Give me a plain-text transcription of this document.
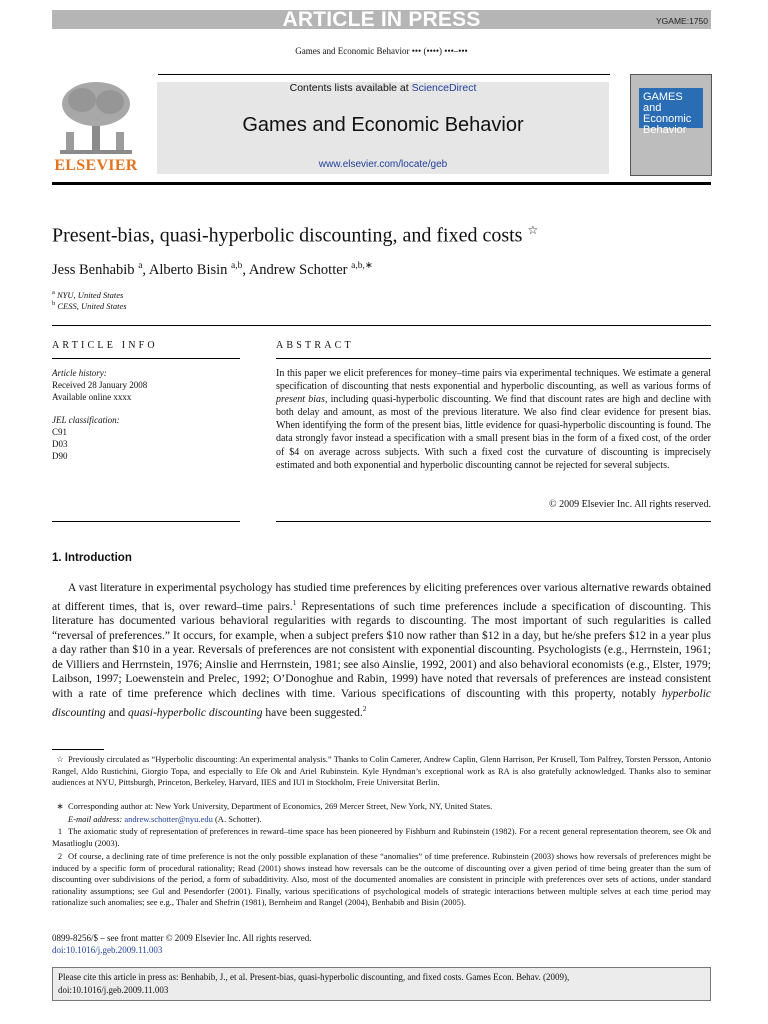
ARTICLE IN PRESS	YGAME:1750
Games and Economic Behavior ••• (••••) •••–•••
ELSEVIER
Contents lists available at ScienceDirect
Games and Economic Behavior
www.elsevier.com/locate/geb
GAMES and Economic Behavior
Present-bias, quasi-hyperbolic discounting, and fixed costs ☆
Jess Benhabib $^a$, Alberto Bisin $^{a,b}$, Andrew Schotter $^{a,b,∗}$
$^a$ NYU, United States
$^b$ CESS, United States
ARTICLE INFO	ABSTRACT
Article history:
Received 28 January 2008
Available online xxxx
JEL classification:
C91
D03
D90
In this paper we elicit preferences for money–time pairs via experimental techniques. We estimate a general specification of discounting that nests exponential and hyperbolic discounting, as well as various forms of present bias, including quasi-hyperbolic discounting. We find that discount rates are high and decline with both delay and amount, as most of the previous literature. We also find clear evidence for present bias. When identifying the form of the present bias, little evidence for quasi-hyperbolic discounting is found. The data strongly favor instead a specification with a small present bias in the form of a fixed cost, of the order of $4 on average across subjects. With such a fixed cost the curvature of discounting is imprecisely estimated and both exponential and hyperbolic discounting cannot be rejected for several subjects.
© 2009 Elsevier Inc. All rights reserved.
1. Introduction
A vast literature in experimental psychology has studied time preferences by eliciting preferences over various alternative rewards obtained at different times, that is, over reward–time pairs.$^1$ Representations of such time preferences include a specification of discounting. This literature has documented various behavioral regularities with regards to discounting. The most important of such regularities is called “reversal of preferences.” It occurs, for example, when a subject prefers $10 now rather than $12 in a day, but he/she prefers $12 in a year plus a day rather than $10 in a year. Reversals of preferences are not consistent with exponential discounting. Psychologists (e.g., Herrnstein, 1961; de Villiers and Herrnstein, 1976; Ainslie and Herrnstein, 1981; see also Ainslie, 1992, 2001) and also behavioral economists (e.g., Elster, 1979; Laibson, 1997; Loewenstein and Prelec, 1992; O’Donoghue and Rabin, 1999) have noted that reversals of preferences are instead consistent with a rate of time preference which declines with time. Various specifications of discounting with this property, notably hyperbolic discounting and quasi-hyperbolic discounting have been suggested.$^2$
☆ Previously circulated as “Hyperbolic discounting: An experimental analysis.” Thanks to Colin Camerer, Andrew Caplin, Glenn Harrison, Per Krusell, Tom Palfrey, Torsten Persson, Antonio Rangel, Aldo Rustichini, Giorgio Topa, and especially to Efe Ok and Ariel Rubinstein. Kyle Hyndman’s exceptional work as RA is also gratefully acknowledged. Thanks also to seminar audiences at NYU, Pittsburgh, Princeton, Berkeley, Harvard, IIES and IUI in Stockholm, Freie Universitat Berlin.
∗ Corresponding author at: New York University, Department of Economics, 269 Mercer Street, New York, NY, United States.
E-mail address: andrew.schotter@nyu.edu (A. Schotter).
1 The axiomatic study of representation of preferences in reward–time space has been pioneered by Fishburn and Rubinstein (1982). For a recent general representation theorem, see Ok and Masatlioglu (2003).
2 Of course, a declining rate of time preference is not the only possible explanation of these “anomalies” of time preference. Rubinstein (2003) shows how reversals of preferences might be induced by a specific form of procedural rationality; Read (2001) shows instead how reversals can be the outcome of discounting over a given period of time being greater than the sum of discounting over subdivisions of the period, a form of subadditivity. Also, most of the documented anomalies are consistent in principle with preferences over sets of actions, under standard rationality assumptions; see Gul and Pesendorfer (2001). Finally, various specifications of psychological models of strategic interactions between multiple selves at each time period may rationalize such anomalies; see e.g., Thaler and Shefrin (1981), Bernheim and Rangel (2004), Benhabib and Bisin (2005).
0899-8256/$ – see front matter © 2009 Elsevier Inc. All rights reserved.
doi:10.1016/j.geb.2009.11.003
Please cite this article in press as: Benhabib, J., et al. Present-bias, quasi-hyperbolic discounting, and fixed costs. Games Econ. Behav. (2009),
doi:10.1016/j.geb.2009.11.003
